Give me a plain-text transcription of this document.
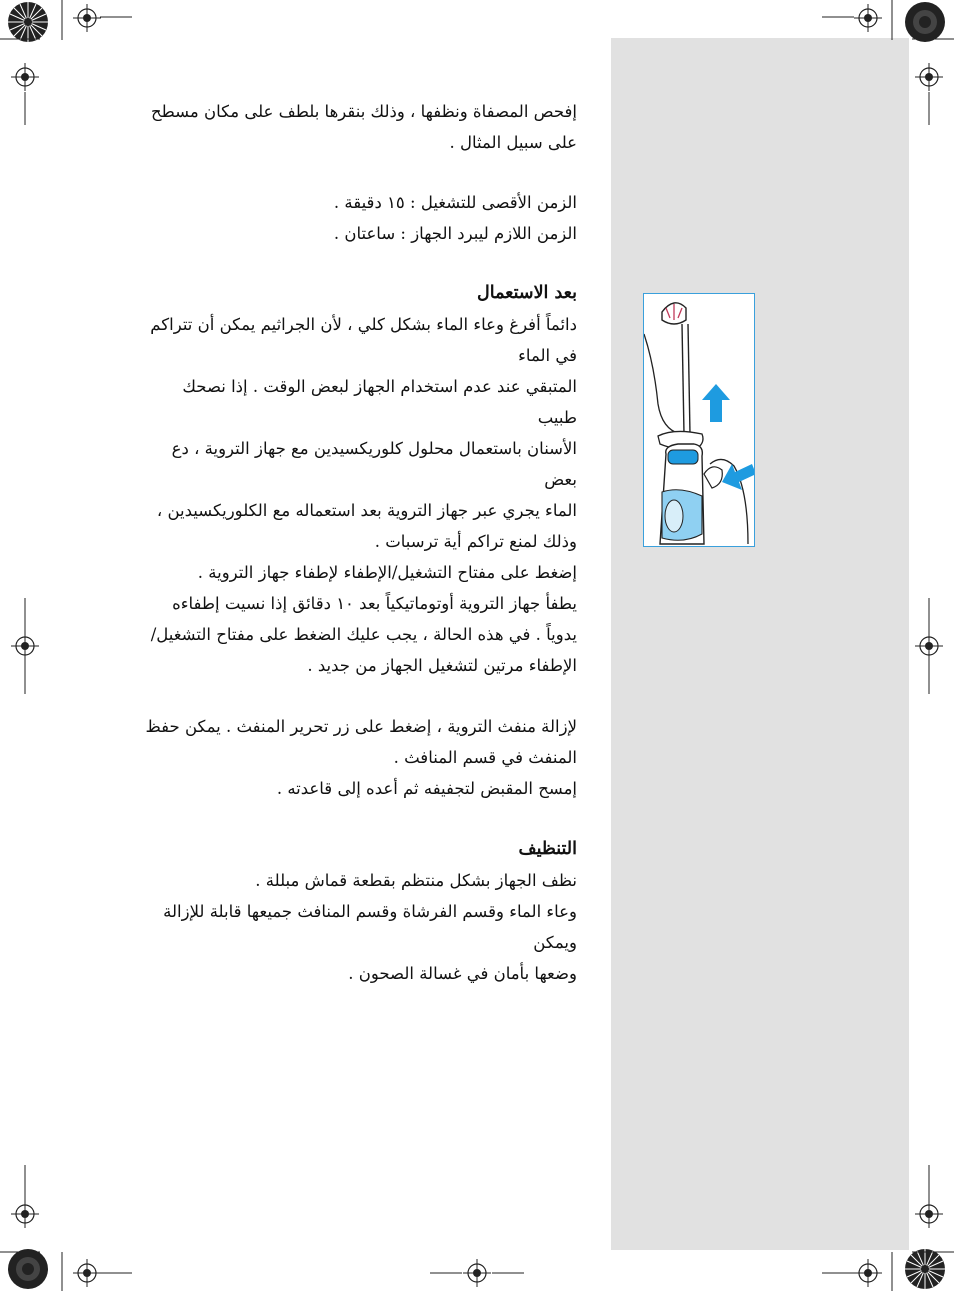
إفحص المصفاة ونظفها ، وذلك بنقرها بلطف على مكان مسطح

على سبيل المثال .

الزمن الأقصى للتشغيل : ١٥ دقيقة .

الزمن اللازم ليبرد الجهاز : ساعتان .

بعد الاستعمال

دائماً أفرغ وعاء الماء بشكل كلي ، لأن الجراثيم يمكن أن تتراكم في الماء

المتبقي عند عدم استخدام الجهاز لبعض الوقت . إذا نصحك طبيب

الأسنان باستعمال محلول كلوريكسيدين مع جهاز التروية ، دع بعض

الماء يجري عبر جهاز التروية بعد استعماله مع الكلوريكسيدين ،

وذلك لمنع تراكم أية ترسبات .

إضغط على مفتاح التشغيل/الإطفاء لإطفاء جهاز التروية .

يطفأ جهاز التروية أوتوماتيكياً بعد ١٠ دقائق إذا نسيت إطفاءه

يدوياً . في هذه الحالة ، يجب عليك الضغط على مفتاح التشغيل/

الإطفاء مرتين لتشغيل الجهاز من جديد .

لإزالة منفث التروية ، إضغط على زر تحرير المنفث . يمكن حفظ

المنفث في قسم المنافث .

إمسح المقبض لتجفيفه ثم أعده إلى قاعدته .

التنظيف

نظف الجهاز بشكل منتظم بقطعة قماش مبللة .

وعاء الماء وقسم الفرشاة وقسم المنافث جميعها قابلة للإزالة ويمكن

وضعها بأمان في غسالة الصحون .
